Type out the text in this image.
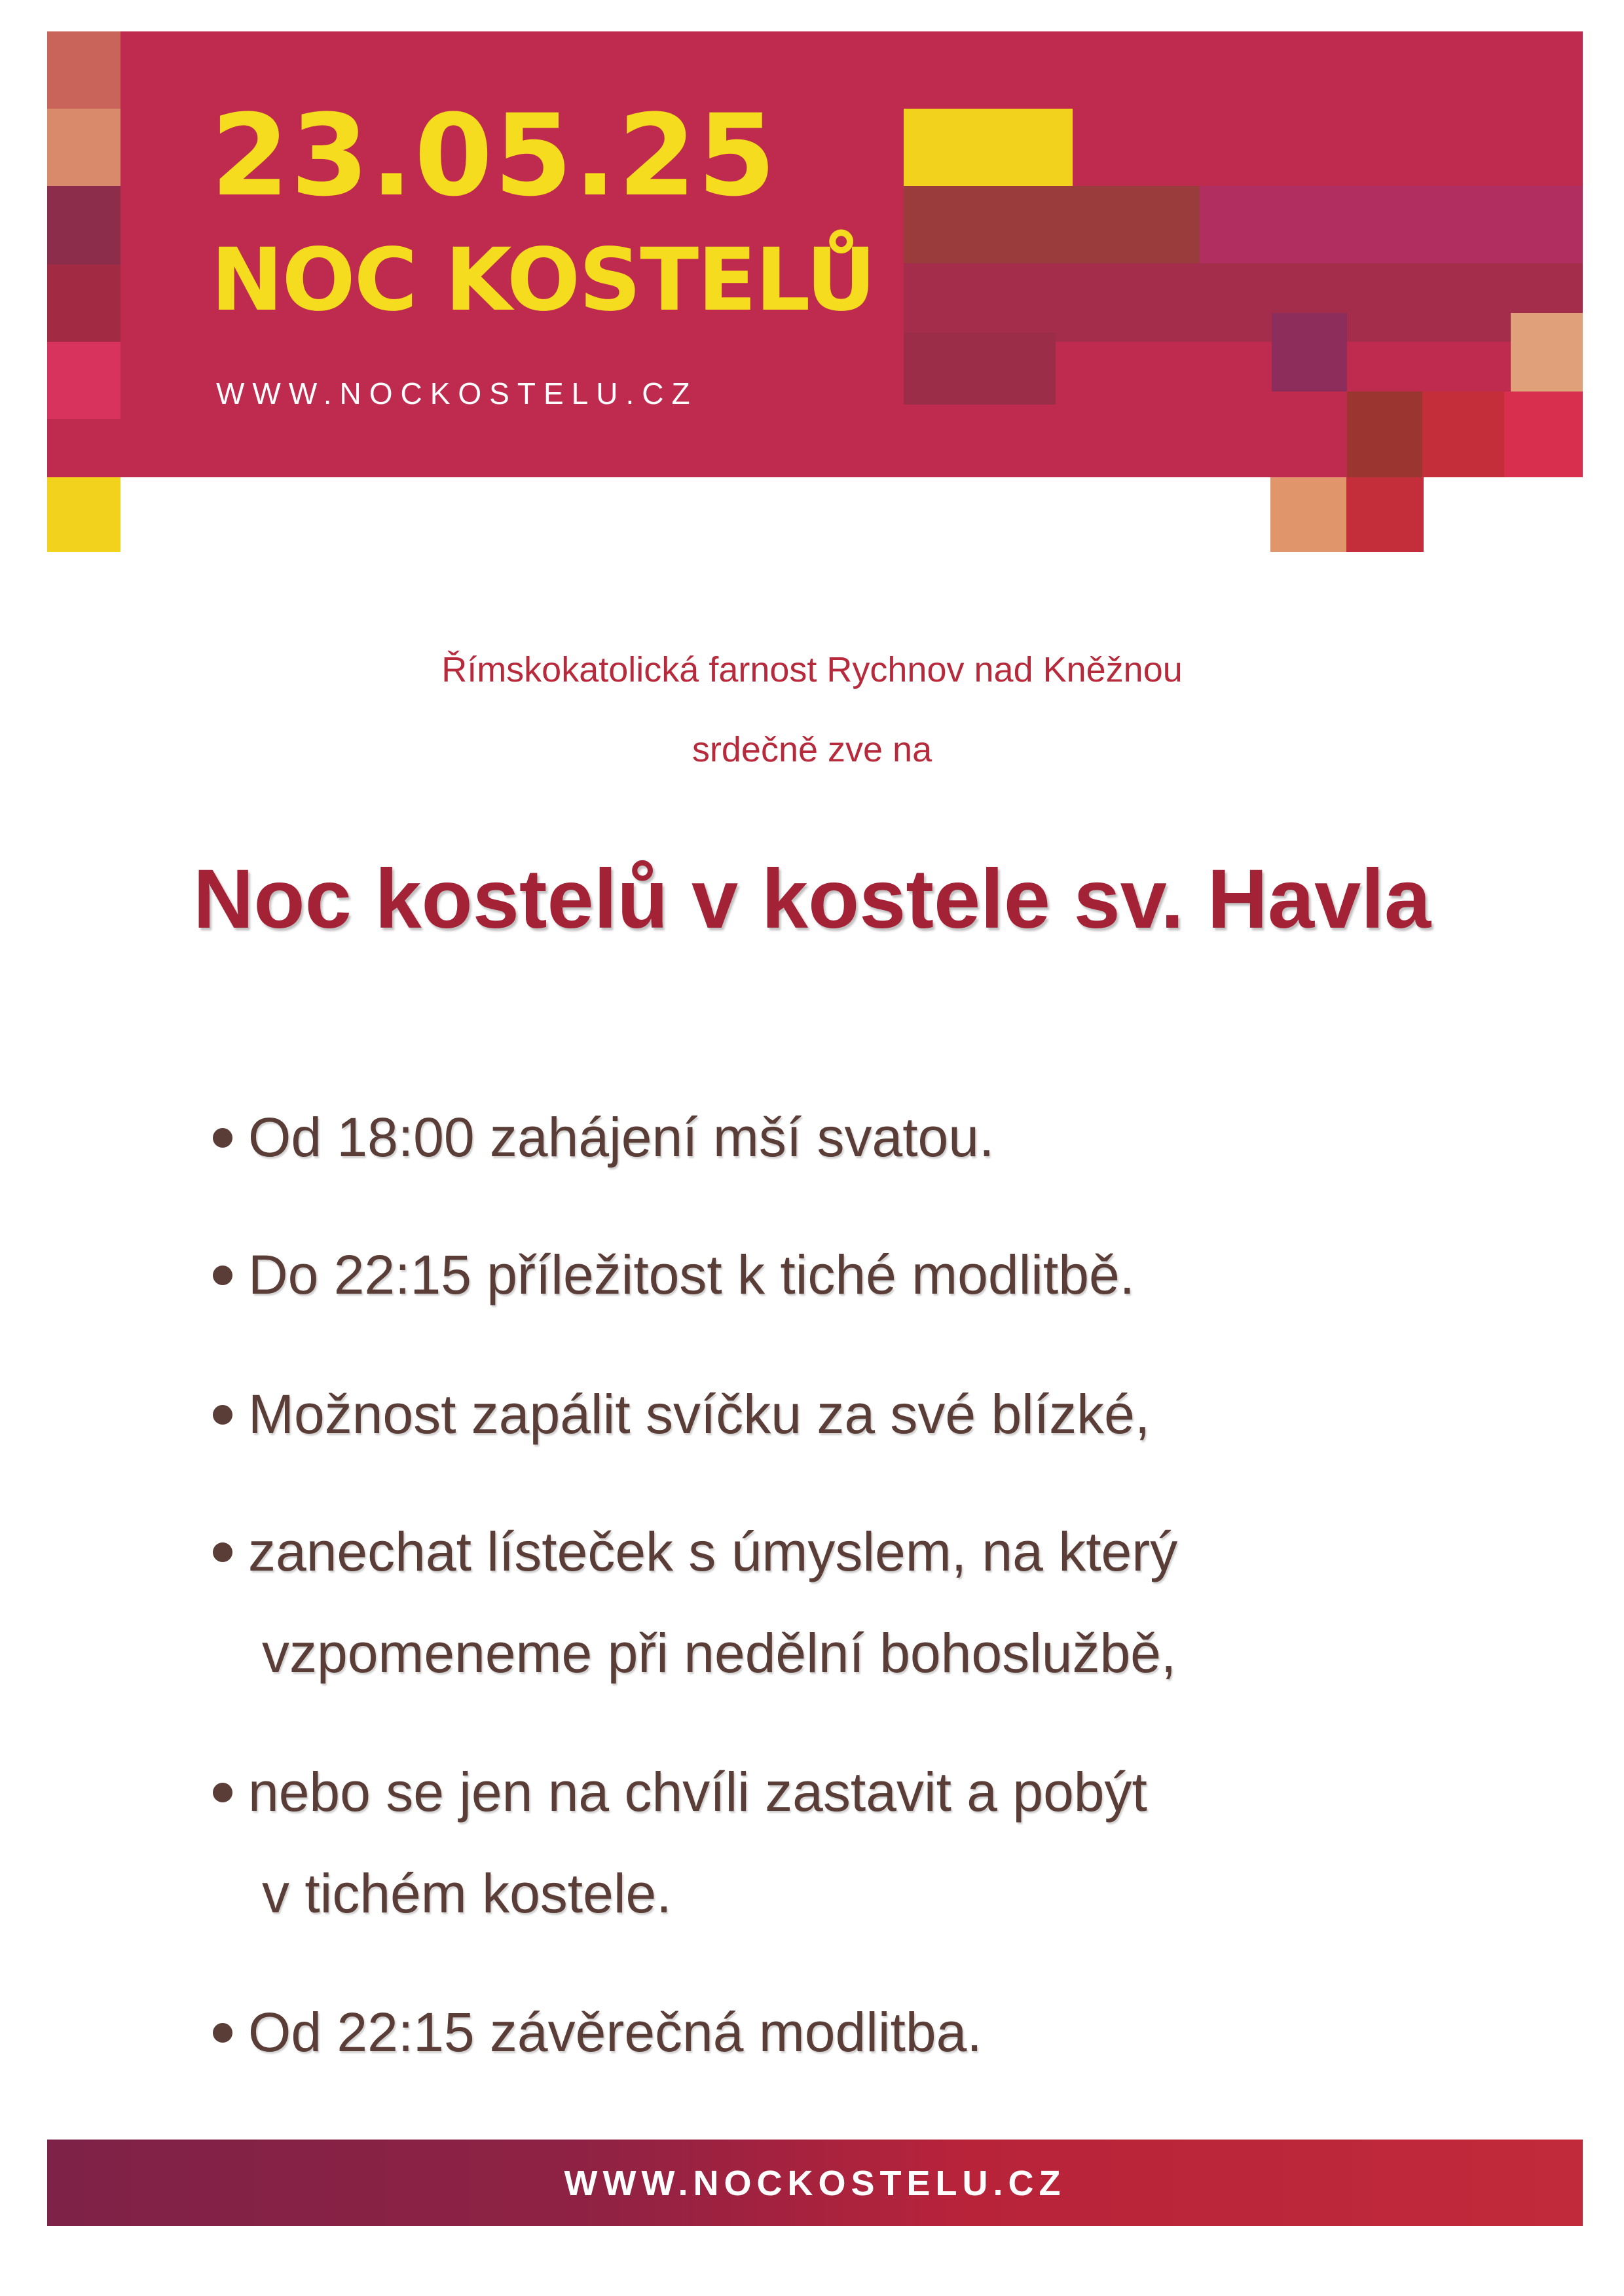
23.05.25
NOC KOSTELŮ
WWW.NOCKOSTELU.CZ
Římskokatolická farnost Rychnov nad Kněžnou
srdečně zve na
Noc kostelů v kostele sv. Havla
Od 18:00 zahájení mší svatou.
Do 22:15 příležitost k tiché modlitbě.
Možnost zapálit svíčku za své blízké,
zanechat lísteček s úmyslem, na který
vzpomeneme při nedělní bohoslužbě,
nebo se jen na chvíli zastavit a pobýt
v tichém kostele.
Od 22:15 závěrečná modlitba.
WWW.NOCKOSTELU.CZ
